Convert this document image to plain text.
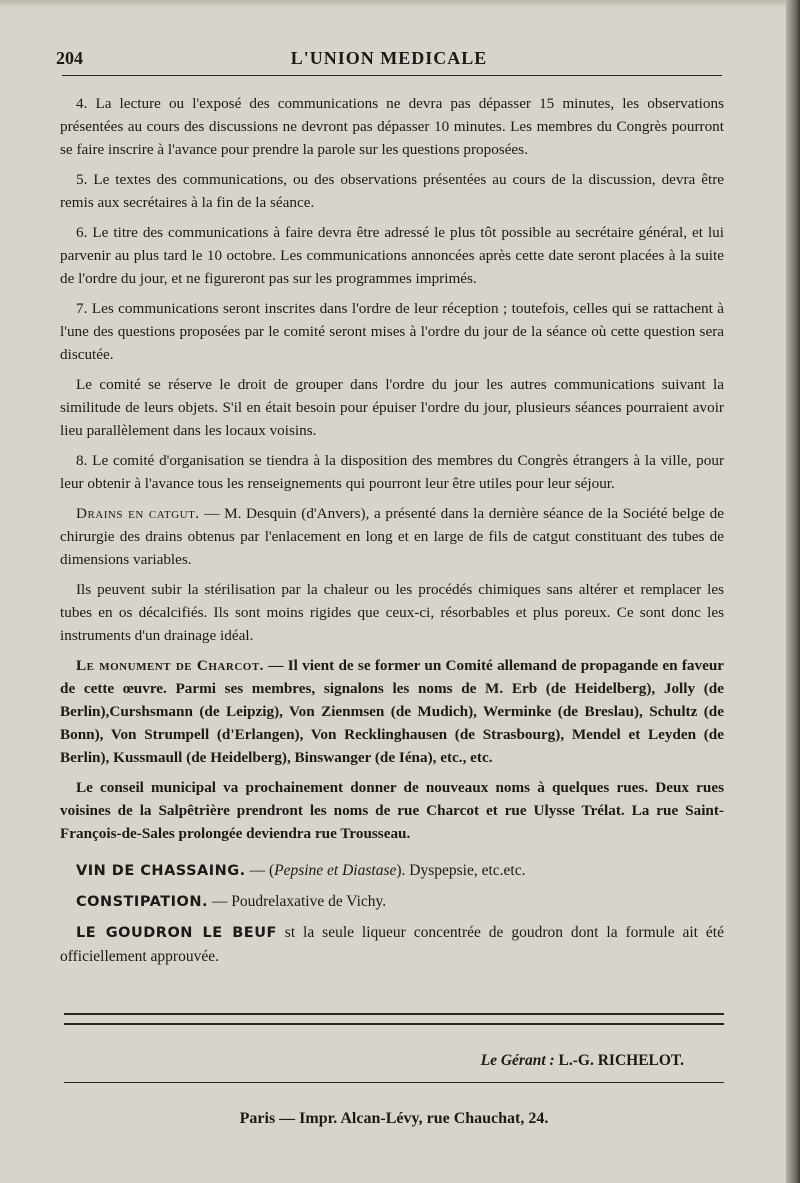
204	L'UNION MEDICALE

4. La lecture ou l'exposé des communications ne devra pas dépasser 15 minutes, les observations présentées au cours des discussions ne devront pas dépasser 10 minutes. Les membres du Congrès pourront se faire inscrire à l'avance pour prendre la parole sur les questions proposées.

5. Le textes des communications, ou des observations présentées au cours de la discussion, devra être remis aux secrétaires à la fin de la séance.

6. Le titre des communications à faire devra être adressé le plus tôt possible au secrétaire général, et lui parvenir au plus tard le 10 octobre. Les communications annoncées après cette date seront placées à la suite de l'ordre du jour, et ne figureront pas sur les programmes imprimés.

7. Les communications seront inscrites dans l'ordre de leur réception ; toutefois, celles qui se rattachent à l'une des questions proposées par le comité seront mises à l'ordre du jour de la séance où cette question sera discutée.

Le comité se réserve le droit de grouper dans l'ordre du jour les autres communications suivant la similitude de leurs objets. S'il en était besoin pour épuiser l'ordre du jour, plusieurs séances pourraient avoir lieu parallèlement dans les locaux voisins.

8. Le comité d'organisation se tiendra à la disposition des membres du Congrès étrangers à la ville, pour leur obtenir à l'avance tous les renseignements qui pourront leur être utiles pour leur séjour.

Drains en catgut. — M. Desquin (d'Anvers), a présenté dans la dernière séance de la Société belge de chirurgie des drains obtenus par l'enlacement en long et en large de fils de catgut constituant des tubes de dimensions variables.

Ils peuvent subir la stérilisation par la chaleur ou les procédés chimiques sans altérer et remplacer les tubes en os décalcifiés. Ils sont moins rigides que ceux-ci, résorbables et plus poreux. Ce sont donc les instruments d'un drainage idéal.

Le monument de Charcot. — Il vient de se former un Comité allemand de propagande en faveur de cette œuvre. Parmi ses membres, signalons les noms de M. Erb (de Heidelberg), Jolly (de Berlin),Curshsmann (de Leipzig), Von Zienmsen (de Mudich), Werminke (de Breslau), Schultz (de Bonn), Von Strumpell (d'Erlangen), Von Recklinghausen (de Strasbourg), Mendel et Leyden (de Berlin), Kussmaull (de Heidelberg), Binswanger (de Iéna), etc., etc.

Le conseil municipal va prochainement donner de nouveaux noms à quelques rues. Deux rues voisines de la Salpêtrière prendront les noms de rue Charcot et rue Ulysse Trélat. La rue Saint-François-de-Sales prolongée deviendra rue Trousseau.

VIN DE CHASSAING. — (Pepsine et Diastase). Dyspepsie, etc.etc.

CONSTIPATION. — Poudrelaxative de Vichy.

LE GOUDRON LE BEUF st la seule liqueur concentrée de goudron dont la formule ait été officiellement approuvée.

Le Gérant : L.-G. RICHELOT.
Paris — Impr. Alcan-Lévy, rue Chauchat, 24.
